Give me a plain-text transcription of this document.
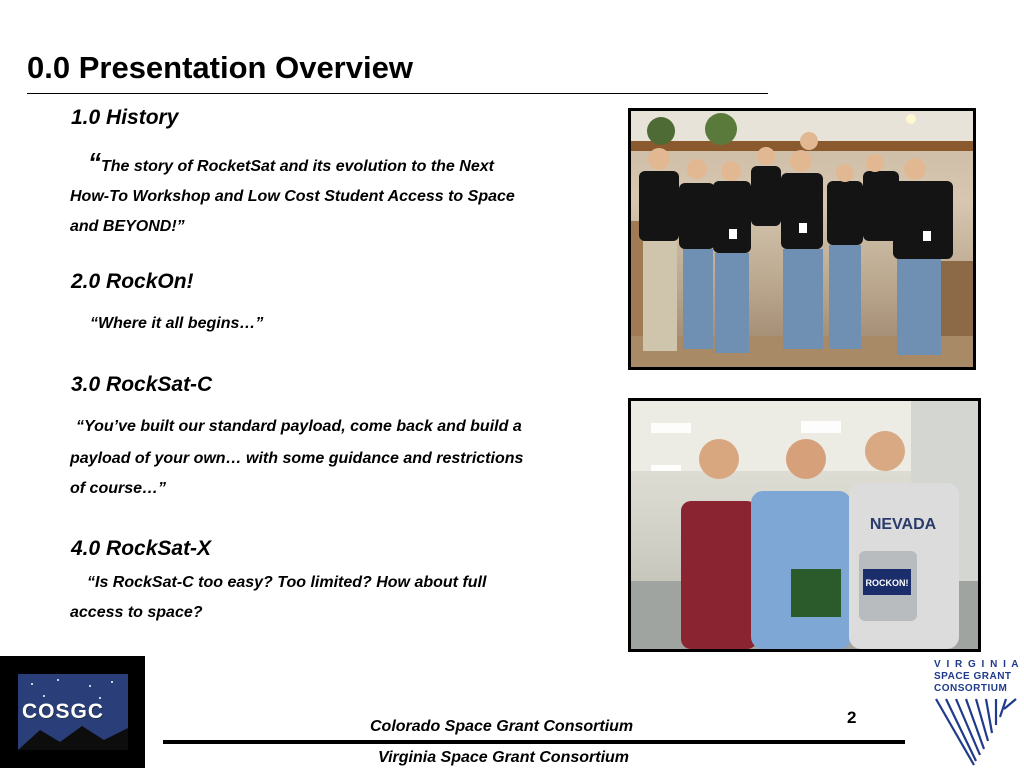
0.0 Presentation Overview
1.0 History
“The story of RocketSat and its evolution to the Next
How-To Workshop and Low Cost Student Access to Space
and BEYOND!”
2.0 RockOn!
“Where it all begins…”
3.0 RockSat-C
“You’ve built our standard payload, come back and build a
payload of your own… with some guidance and restrictions
of course…”
4.0 RockSat-X
“Is RockSat-C too easy? Too limited? How about full
access to space?
ROCKON!
NEVADA
COSGC
Colorado Space Grant Consortium
Virginia Space Grant Consortium
2
V I R G I N I A
SPACE GRANT
CONSORTIUM
